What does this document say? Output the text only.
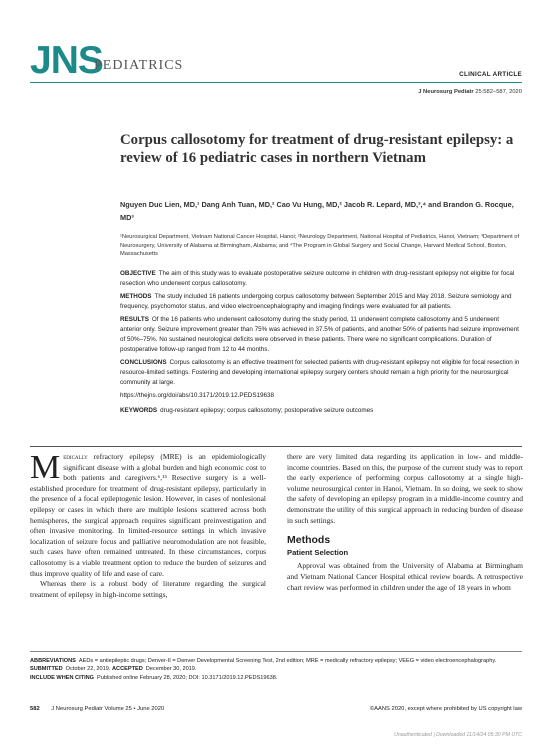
JNS
PEDIATRICS
CLINICAL ARTICLE
J Neurosurg Pediatr 25:582–587, 2020
Corpus callosotomy for treatment of drug-resistant epilepsy: a review of 16 pediatric cases in northern Vietnam
Nguyen Duc Lien, MD,¹ Dang Anh Tuan, MD,² Cao Vu Hung, MD,² Jacob R. Lepard, MD,³,⁴ and Brandon G. Rocque, MD³
¹Neurosurgical Department, Vietnam National Cancer Hospital, Hanoi; ²Neurology Department, National Hospital of Pediatrics, Hanoi, Vietnam; ³Department of Neurosurgery, University of Alabama at Birmingham, Alabama; and ⁴The Program in Global Surgery and Social Change, Harvard Medical School, Boston, Massachusetts

OBJECTIVE The aim of this study was to evaluate postoperative seizure outcome in children with drug-resistant epilepsy not eligible for focal resection who underwent corpus callosotomy.

METHODS The study included 16 patients undergoing corpus callosotomy between September 2015 and May 2018. Seizure semiology and frequency, psychomotor status, and video electroencephalography and imaging findings were evaluated for all patients.

RESULTS Of the 16 patients who underwent callosotomy during the study period, 11 underwent complete callosotomy and 5 underwent anterior only. Seizure improvement greater than 75% was achieved in 37.5% of patients, and another 50% of patients had seizure improvement of 50%–75%. No sustained neurological deficits were observed in these patients. There were no significant complications. Duration of postoperative follow-up ranged from 12 to 44 months.

CONCLUSIONS Corpus callosotomy is an effective treatment for selected patients with drug-resistant epilepsy not eligible for focal resection in resource-limited settings. Fostering and developing international epilepsy surgery centers should remain a high priority for the neurosurgical community at large.

https://thejns.org/doi/abs/10.3171/2019.12.PEDS19638

KEYWORDS drug-resistant epilepsy; corpus callosotomy; postoperative seizure outcomes

Medically refractory epilepsy (MRE) is an epidemiologically significant disease with a global burden and high economic cost to both patients and caregivers.⁶,¹⁵ Resective surgery is a well-established procedure for treatment of drug-resistant epilepsy, particularly in the presence of a focal epileptogenic lesion. However, in cases of nonlesional epilepsy or cases in which there are multiple lesions scattered across both hemispheres, the surgical approach requires significant preinvestigation and often invasive monitoring. In limited-resource settings in which invasive localization of seizure focus and palliative neuromodulation are not feasible, such cases have often remained untreated. In these circumstances, corpus callosotomy is a viable treatment option to reduce the burden of seizures and thus improve quality of life and ease of care.

Whereas there is a robust body of literature regarding the surgical treatment of epilepsy in high-income settings,

there are very limited data regarding its application in low- and middle-income countries. Based on this, the purpose of the current study was to report the early experience of performing corpus callosotomy at a single high-volume neurosurgical center in Hanoi, Vietnam. In so doing, we seek to show the safety of developing an epilepsy program in a middle-income country and demonstrate the utility of this surgical approach in reducing burden of disease in such settings.

Methods
Patient Selection

Approval was obtained from the University of Alabama at Birmingham and Vietnam National Cancer Hospital ethical review boards. A retrospective chart review was performed in children under the age of 18 years in whom

ABBREVIATIONS AEDs = antiepileptic drugs; Denver-II = Denver Developmental Screening Test, 2nd edition; MRE = medically refractory epilepsy; VEEG = video electroencephalography.
SUBMITTED October 22, 2019. ACCEPTED December 30, 2019.
INCLUDE WHEN CITING Published online February 28, 2020; DOI: 10.3171/2019.12.PEDS19638.
582 J Neurosurg Pediatr Volume 25 • June 2020	©AANS 2020, except where prohibited by US copyright law
Unauthenticated | Downloaded 11/14/24 05:30 PM UTC
